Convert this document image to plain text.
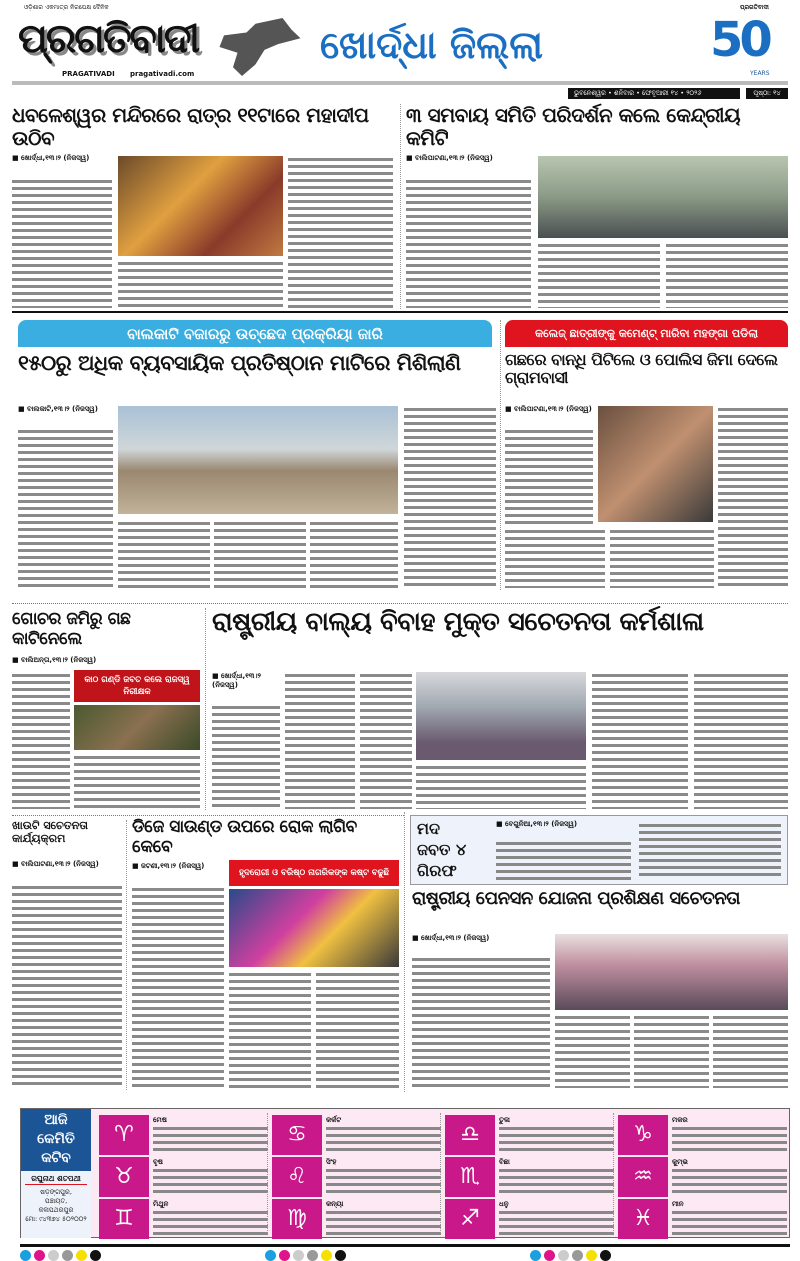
ଓଡ଼ିଶାର ଏକମାତ୍ର ନିରପେକ୍ଷ ଦୈନିକ
ପ୍ରଗତିବାଦୀ
PRAGATIVADI pragativadi.com
ଖୋର୍ଦ୍ଧା ଜିଲ୍ଲା
ପ୍ରଗତିବାଦୀ
50
YEARS
ଭୁବନେଶ୍ୱର • ଶନିବାର • ଫେବୃଆରୀ ୧୪ • ୨୦୨୬	ପୃଷ୍ଠା: ୧୪
ଧବଳେଶ୍ୱର ମନ୍ଦିରରେ ରାତ୍ର ୧୧ଟାରେ ମହାଦୀପ ଉଠିବ
■ ଖୋର୍ଦ୍ଧା,୧୩।୨ (ନିଜସ୍ୱ)
୩ ସମବାୟ ସମିତି ପରିଦର୍ଶନ କଲେ କେନ୍ଦ୍ରୀୟ କମିଟି
■ ବାଲିପାଟଣା,୧୩।୨ (ନିଜସ୍ୱ)
ବାଲକାଟି ବଜାରରୁ ଉଚ୍ଛେଦ ପ୍ରକ୍ରିୟା ଜାରି
୧୫୦ରୁ ଅଧିକ ବ୍ୟବସାୟିକ ପ୍ରତିଷ୍ଠାନ ମାଟିରେ ମିଶିଲାଣି
■ ବାଲକାଟି,୧୩।୨ (ନିଜସ୍ୱ)
କଲେଜ୍ ଛାତ୍ରୀଙ୍କୁ କମେଣ୍ଟ୍ ମାରିବା ମହଙ୍ଗା ପଡିଲା
ଗଛରେ ବାନ୍ଧି ପିଟିଲେ ଓ ପୋଲିସ ଜିମା ଦେଲେ ଗ୍ରାମବାସୀ
■ ବାଲିପାଟଣା,୧୩।୨ (ନିଜସ୍ୱ)
ଗୋଚର ଜମିରୁ ଗଛ କାଟିନେଲେ
■ ବାଲିଅନ୍ତା,୧୩।୨ (ନିଜସ୍ୱ)
କାଠ ଗଣ୍ଡି ଜବତ କଲେ ରାଜସ୍ୱ ନିରୀକ୍ଷକ
ରାଷ୍ଟ୍ରୀୟ ବାଲ୍ୟ ବିବାହ ମୁକ୍ତ ସଚେତନତା କର୍ମଶାଳା
■ ଖୋର୍ଦ୍ଧା,୧୩।୨ (ନିଜସ୍ୱ)
ଖାଉଟି ସଚେତନତା କାର୍ଯ୍ୟକ୍ରମ
■ ବାଲିପାଟଣା,୧୩।୨ (ନିଜସ୍ୱ)
ଡିଜେ ସାଉଣ୍ଡ ଉପରେ ରୋକ ଲାଗିବ କେବେ
■ ଜଟଣୀ,୧୩।୨ (ନିଜସ୍ୱ)
ହୃଦରୋଗୀ ଓ ବରିଷ୍ଠ ନାଗରିକଙ୍କ କଷ୍ଟ ବଢୁଛି
ମଦ
ଜବତ ୪
ଗିରଫ
■ ବେଗୁନିଆ,୧୩।୨ (ନିଜସ୍ୱ)
ରାଷ୍ଟ୍ରୀୟ ପେନସନ ଯୋଜନା ପ୍ରଶିକ୍ଷଣ ସଚେତନତା
■ ଖୋର୍ଦ୍ଧା,୧୩।୨ (ନିଜସ୍ୱ)
ଆଜି
କେମିତି
କଟିବ
ରଘୁନାଥ ଶତପଥୀ
ଷଡ଼ଙ୍ଗପୁର,
ପଞ୍ଚାୟତ,
କଳାପଥରପୁର
ମୋ: ୯୪୩୭୪ ୫୦୨୦୦୨
♈
ମେଷ
♉
ବୃଷ
♊
ମିଥୁନ
♋
କର୍କଟ
♌
ସିଂହ
♍
କନ୍ୟା
♎
ତୁଳା
♏
ବିଛା
♐
ଧନୁ
♑
ମକର
♒
କୁମ୍ଭ
♓
ମୀନ
